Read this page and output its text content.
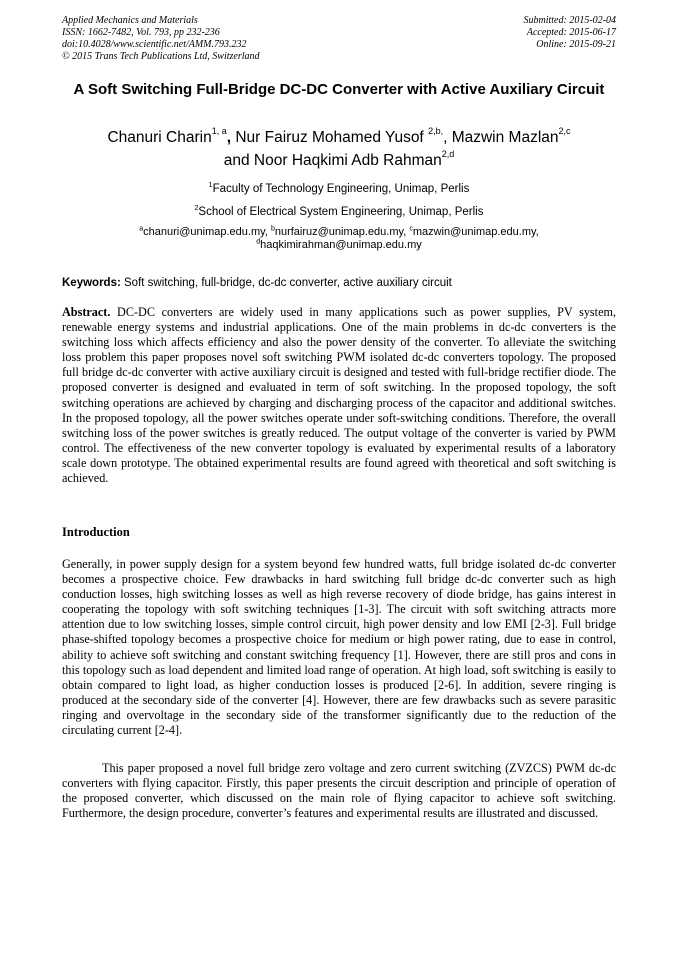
Applied Mechanics and Materials
ISSN: 1662-7482, Vol. 793, pp 232-236
doi:10.4028/www.scientific.net/AMM.793.232
© 2015 Trans Tech Publications Ltd, Switzerland
Submitted: 2015-02-04
Accepted: 2015-06-17
Online: 2015-09-21
A Soft Switching Full-Bridge DC-DC Converter with Active Auxiliary Circuit
Chanuri Charin$^{1, a}$, Nur Fairuz Mohamed Yusof $^{2,b,}$, Mazwin Mazlan$^{2,c}$
and Noor Haqkimi Adb Rahman$^{2,d}$
$^1$Faculty of Technology Engineering, Unimap, Perlis
$^2$School of Electrical System Engineering, Unimap, Perlis
$^a$chanuri@unimap.edu.my, $^b$nurfairuz@unimap.edu.my, $^c$mazwin@unimap.edu.my,
$^d$haqkimirahman@unimap.edu.my
Keywords: Soft switching, full-bridge, dc-dc converter, active auxiliary circuit
Abstract. DC-DC converters are widely used in many applications such as power supplies, PV system, renewable energy systems and industrial applications. One of the main problems in dc-dc converters is the switching loss which affects efficiency and also the power density of the converter. To alleviate the switching loss problem this paper proposes novel soft switching PWM isolated dc-dc converters topology. The proposed full bridge dc-dc converter with active auxiliary circuit is designed and tested with full-bridge rectifier diode. The proposed converter is designed and evaluated in term of soft switching. In the proposed topology, the soft switching operations are achieved by charging and discharging process of the capacitor and additional switches. In the proposed topology, all the power switches operate under soft-switching conditions. Therefore, the overall switching loss of the power switches is greatly reduced. The output voltage of the converter is varied by PWM control. The effectiveness of the new converter topology is evaluated by experimental results of a laboratory scale down prototype. The obtained experimental results are found agreed with theoretical and soft switching is achieved.
Introduction
Generally, in power supply design for a system beyond few hundred watts, full bridge isolated dc-dc converter becomes a prospective choice. Few drawbacks in hard switching full bridge dc-dc converter such as high conduction losses, high switching losses as well as high reverse recovery of diode bridge, has gains interest in cooperating the topology with soft switching techniques [1-3]. The circuit with soft switching attracts more attention due to low switching losses, simple control circuit, high power density and low EMI [2-3]. Full bridge phase-shifted topology becomes a prospective choice for medium or high power rating, due to ease in control, ability to achieve soft switching and constant switching frequency [1]. However, there are still pros and cons in this topology such as load dependent and limited load range of operation. At high load, soft switching is easily to obtain compared to light load, as higher conduction losses is produced [2-6]. In addition, severe ringing is produced at the secondary side of the converter [4]. However, there are few drawbacks such as severe parasitic ringing and overvoltage in the secondary side of the transformer significantly due to the reduction of the circulating current [2-4].
This paper proposed a novel full bridge zero voltage and zero current switching (ZVZCS) PWM dc-dc converters with flying capacitor. Firstly, this paper presents the circuit description and principle of operation of the proposed converter, which discussed on the main role of flying capacitor to achieve soft switching. Furthermore, the design procedure, converter’s features and experimental results are illustrated and discussed.
